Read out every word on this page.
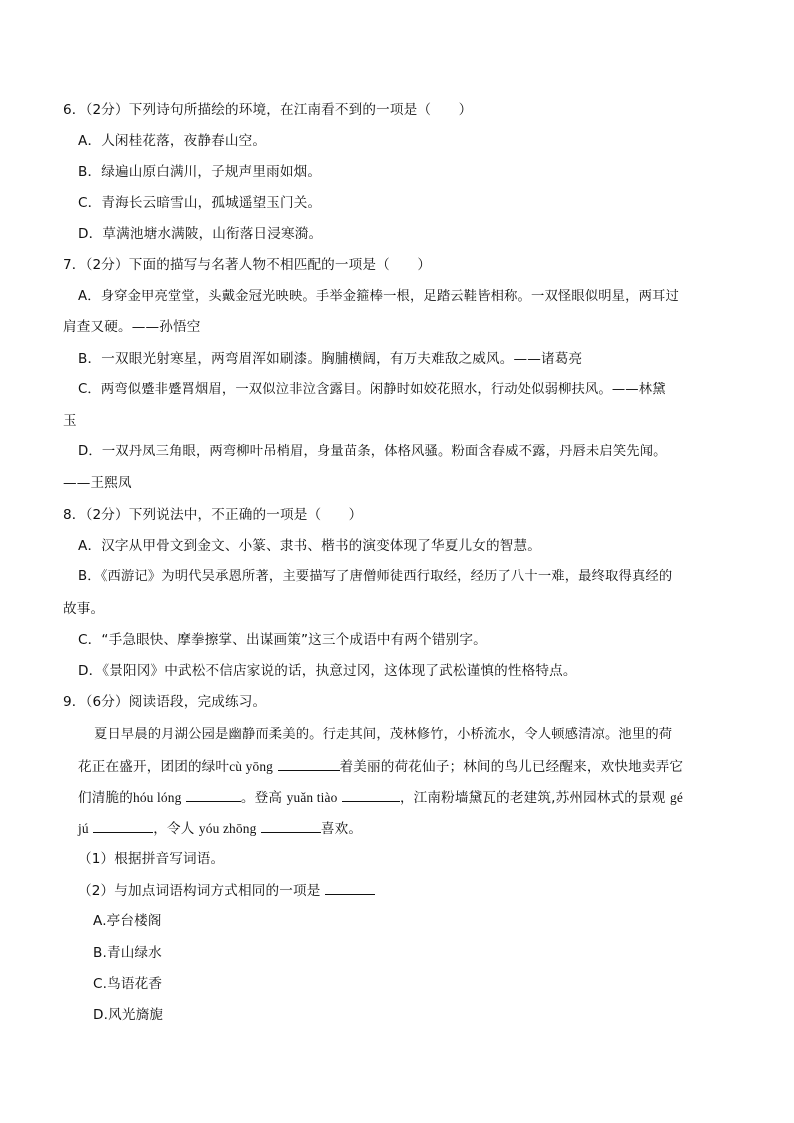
6．（2分）下列诗句所描绘的环境，在江南看不到的一项是（　　）
A．人闲桂花落，夜静春山空。
B．绿遍山原白满川，子规声里雨如烟。
C．青海长云暗雪山，孤城遥望玉门关。
D．草满池塘水满陂，山衔落日浸寒漪。
7．（2分）下面的描写与名著人物不相匹配的一项是（　　）
A．身穿金甲亮堂堂，头戴金冠光映映。手举金箍棒一根，足踏云鞋皆相称。一双怪眼似明星，两耳过
肩查又硬。——孙悟空
B．一双眼光射寒星，两弯眉浑如刷漆。胸脯横阔，有万夫难敌之威风。——诸葛亮
C．两弯似蹙非蹙罥烟眉，一双似泣非泣含露目。闲静时如姣花照水，行动处似弱柳扶风。——林黛
玉
D．一双丹凤三角眼，两弯柳叶吊梢眉，身量苗条，体格风骚。粉面含春威不露，丹唇未启笑先闻。
——王熙凤
8．（2分）下列说法中，不正确的一项是（　　）
A．汉字从甲骨文到金文、小篆、隶书、楷书的演变体现了华夏儿女的智慧。
B．《西游记》为明代吴承恩所著，主要描写了唐僧师徒西行取经，经历了八十一难，最终取得真经的
故事。
C．“手急眼快、摩拳擦掌、出谋画策”这三个成语中有两个错别字。
D．《景阳冈》中武松不信店家说的话，执意过冈，这体现了武松谨慎的性格特点。
9．（6分）阅读语段，完成练习。
夏日早晨的月湖公园是幽静而柔美的。行走其间，茂林修竹，小桥流水，令人顿感清凉。池里的荷
花正在盛开，团团的绿叶cù yōng	着美丽的荷花仙子；林间的鸟儿已经醒来，欢快地卖弄它
们清脆的hóu lóng	。登高 yuǎn tiào	，江南粉墙黛瓦的老建筑,苏州园林式的景观 gé
jú	，令人 yóu zhōng	喜欢。
（1）根据拼音写词语。
（2）与加点词语构词方式相同的一项是
A.亭台楼阁
B.青山绿水
C.鸟语花香
D.风光旖旎
